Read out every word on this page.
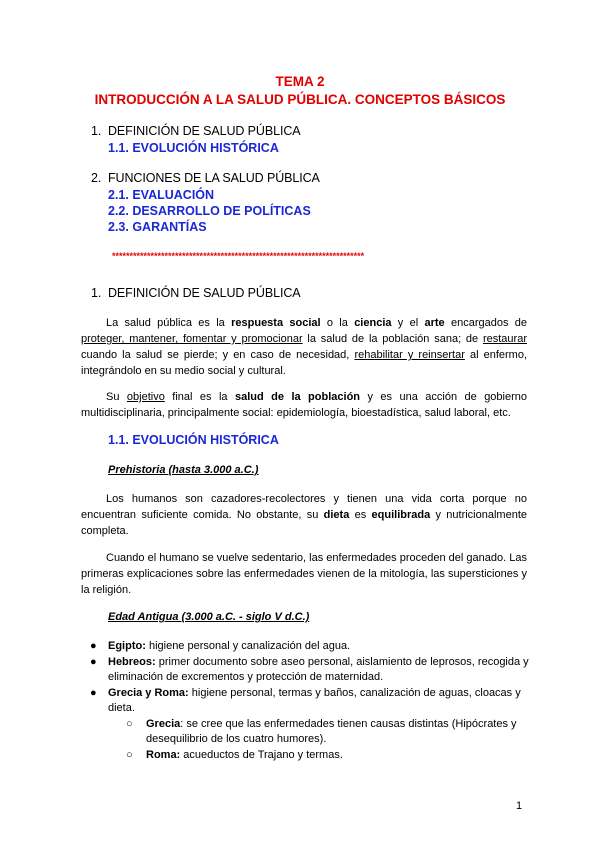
TEMA 2
INTRODUCCIÓN A LA SALUD PÚBLICA. CONCEPTOS BÁSICOS
1. DEFINICIÓN DE SALUD PÚBLICA
1.1. EVOLUCIÓN HISTÓRICA
2. FUNCIONES DE LA SALUD PÚBLICA
2.1. EVALUACIÓN
2.2. DESARROLLO DE POLÍTICAS
2.3. GARANTÍAS
************************************************************************
1. DEFINICIÓN DE SALUD PÚBLICA
La salud pública es la respuesta social o la ciencia y el arte encargados de proteger, mantener, fomentar y promocionar la salud de la población sana; de restaurar cuando la salud se pierde; y en caso de necesidad, rehabilitar y reinsertar al enfermo, integrándolo en su medio social y cultural.
Su objetivo final es la salud de la población y es una acción de gobierno multidisciplinaria, principalmente social: epidemiología, bioestadística, salud laboral, etc.
1.1. EVOLUCIÓN HISTÓRICA
Prehistoria (hasta 3.000 a.C.)
Los humanos son cazadores-recolectores y tienen una vida corta porque no encuentran suficiente comida. No obstante, su dieta es equilibrada y nutricionalmente completa.
Cuando el humano se vuelve sedentario, las enfermedades proceden del ganado. Las primeras explicaciones sobre las enfermedades vienen de la mitología, las supersticiones y la religión.
Edad Antigua (3.000 a.C. - siglo V d.C.)
● Egipto: higiene personal y canalización del agua.
● Hebreos: primer documento sobre aseo personal, aislamiento de leprosos, recogida y eliminación de excrementos y protección de maternidad.
● Grecia y Roma: higiene personal, termas y baños, canalización de aguas, cloacas y dieta.
○ Grecia: se cree que las enfermedades tienen causas distintas (Hipócrates y desequilibrio de los cuatro humores).
○ Roma: acueductos de Trajano y termas.
1
